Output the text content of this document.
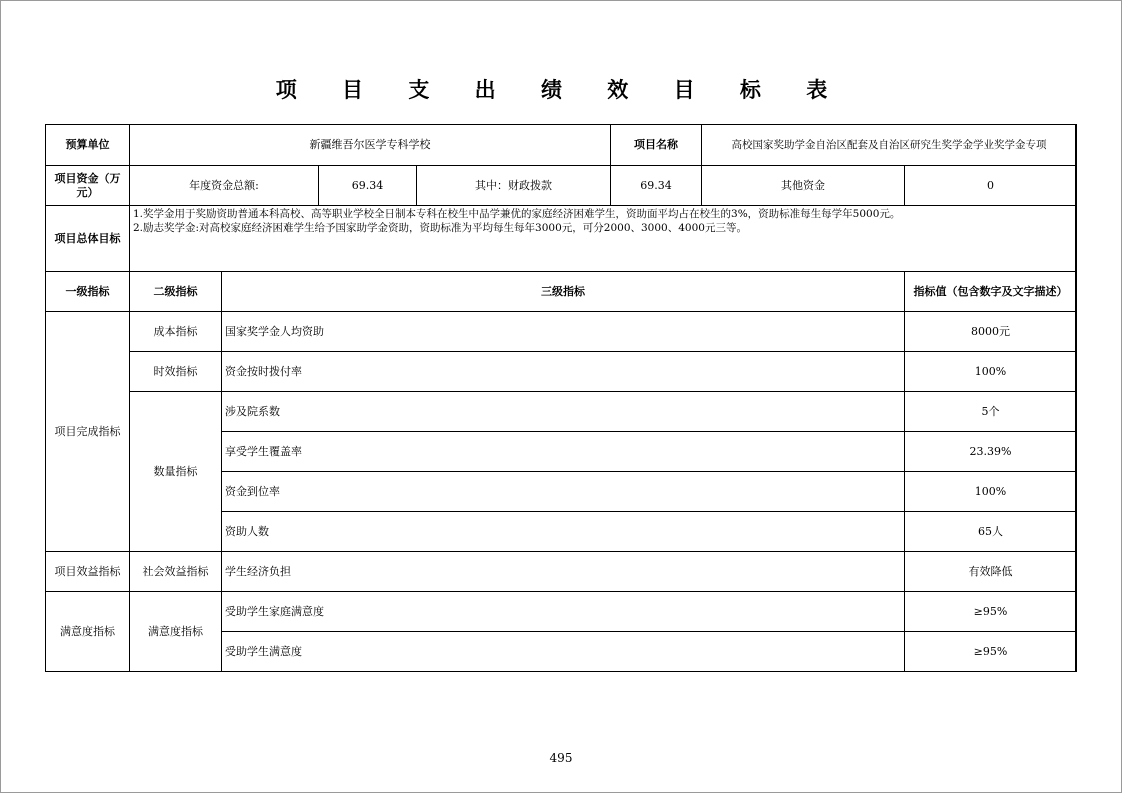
项 目 支 出 绩 效 目 标 表
预算单位	新疆维吾尔医学专科学校				项目名称	高校国家奖助学金自治区配套及自治区研究生奖学金学业奖学金专项	
项目资金（万元）	年度资金总额:		69.34	其中：财政拨款	69.34	其他资金	0
项目总体目标	1.奖学金用于奖励资助普通本科高校、高等职业学校全日制本专科在校生中品学兼优的家庭经济困难学生，资助面平均占在校生的3%，资助标准每生每学年5000元。
2.励志奖学金:对高校家庭经济困难学生给予国家助学金资助，资助标准为平均每生每年3000元，可分2000、3000、4000元三等。						

一级指标	二级指标	三级指标					指标值（包含数字及文字描述）
项目完成指标	成本指标	国家奖学金人均资助					8000元
	时效指标	资金按时拨付率					100%
	数量指标	涉及院系数					5个
		享受学生覆盖率					23.39%
		资金到位率					100%
		资助人数					65人
项目效益指标	社会效益指标	学生经济负担					有效降低
满意度指标	满意度指标	受助学生家庭满意度					≥95%
		受助学生满意度					≥95%
495
